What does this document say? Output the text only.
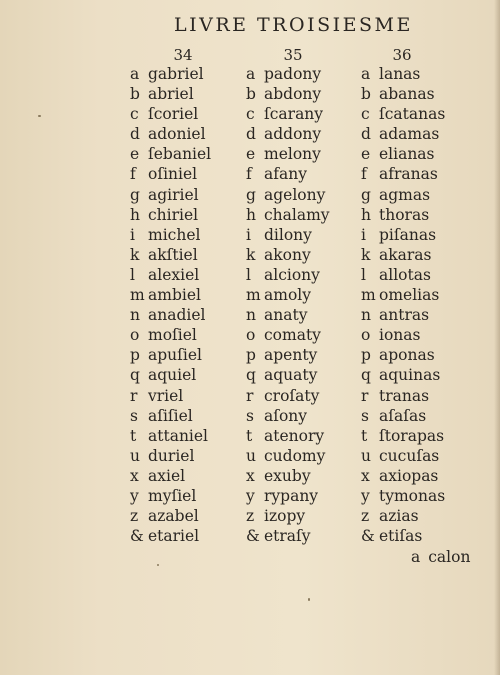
LIVRE TROISIESME
34	35	36
a gabriel
b abriel
c ſcoriel
d adoniel
e ſebaniel
f oſiniel
g agiriel
h chiriel
i michel
k akſtiel
l alexiel
m ambiel
n anadiel
o moſiel
p apuſiel
q aquiel
r vriel
s aſiſiel
t attaniel
u duriel
x axiel
y myſiel
z azabel
& etariel
a padony
b abdony
c ſcarany
d addony
e melony
f afany
g agelony
h chalamy
i dilony
k akony
l alciony
m amoly
n anaty
o comaty
p apenty
q aquaty
r croſaty
s aſony
t atenory
u cudomy
x exuby
y rypany
z izopy
& etraſy
a lanas
b abanas
c ſcatanas
d adamas
e elianas
f afranas
g agmas
h thoras
i piſanas
k akaras
l allotas
m omelias
n antras
o ionas
p aponas
q aquinas
r tranas
s aſaſas
t ſtorapas
u cucuſas
x axiopas
y tymonas
z azias
& etiſas
a calon
